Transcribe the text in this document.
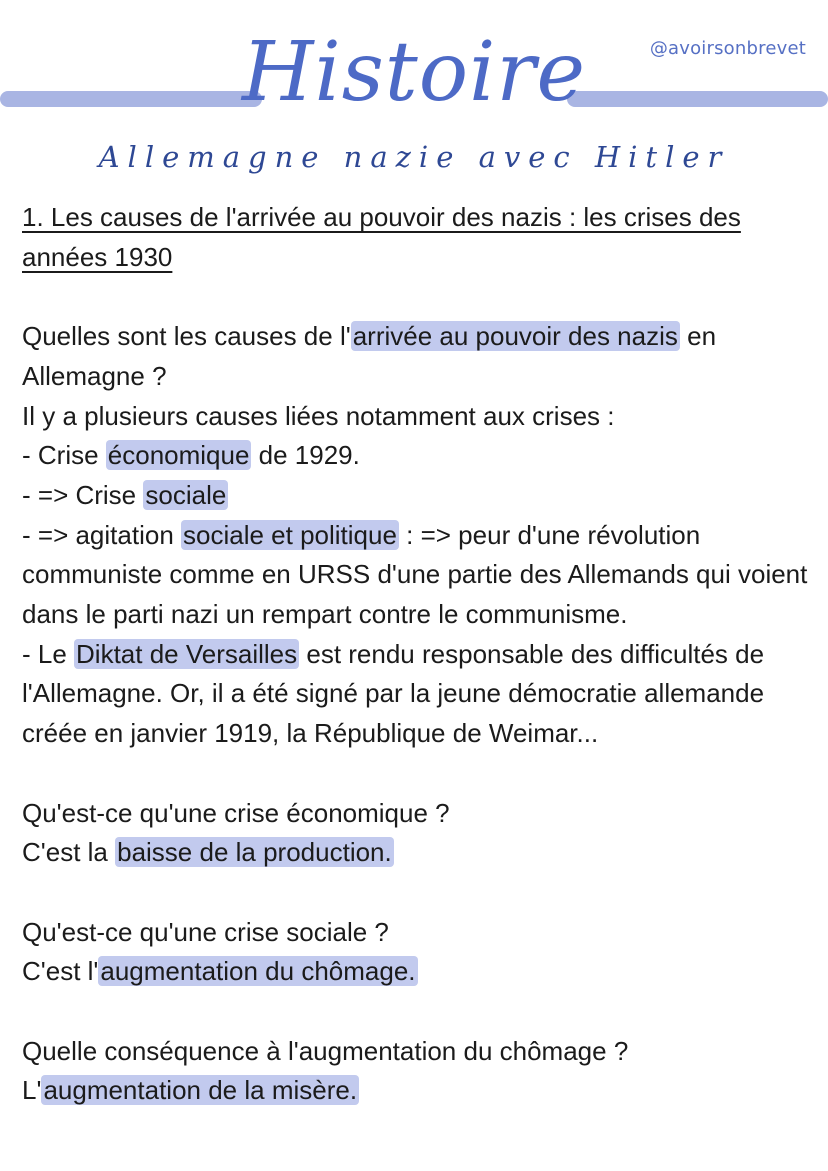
@avoirsonbrevet
Histoire
Allemagne nazie avec Hitler

1. Les causes de l'arrivée au pouvoir des nazis : les crises des années 1930

Quelles sont les causes de l'arrivée au pouvoir des nazis en Allemagne ?

Il y a plusieurs causes liées notamment aux crises :

- Crise économique de 1929.

- => Crise sociale

- => agitation sociale et politique : => peur d'une révolution communiste comme en URSS d'une partie des Allemands qui voient dans le parti nazi un rempart contre le communisme.

- Le Diktat de Versailles est rendu responsable des difficultés de l'Allemagne. Or, il a été signé par la jeune démocratie allemande créée en janvier 1919, la République de Weimar...

Qu'est-ce qu'une crise économique ?

C'est la baisse de la production.

Qu'est-ce qu'une crise sociale ?

C'est l'augmentation du chômage.

Quelle conséquence à l'augmentation du chômage ?

L'augmentation de la misère.
